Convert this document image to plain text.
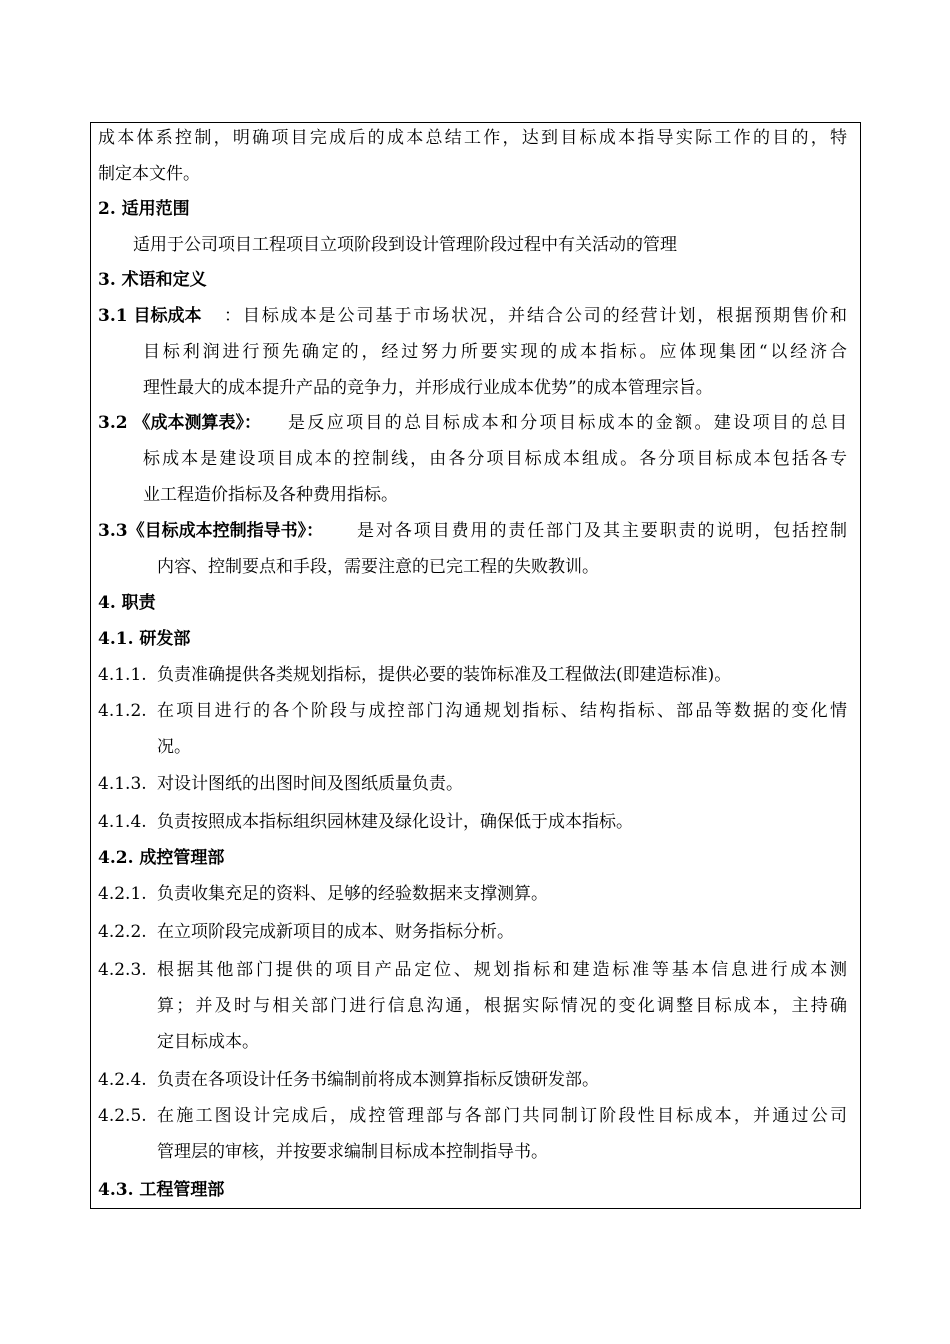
成本体系控制，明确项目完成后的成本总结工作，达到目标成本指导实际工作的目的，特
制定本文件。
2. 适用范围
适用于公司项目工程项目立项阶段到设计管理阶段过程中有关活动的管理
3. 术语和定义
3.1 目标成本 ：目标成本是公司基于市场状况，并结合公司的经营计划，根据预期售价和
目标利润进行预先确定的，经过努力所要实现的成本指标。应体现集团“以经济合
理性最大的成本提升产品的竞争力，并形成行业成本优势”的成本管理宗旨。
3.2 《成本测算表》： 是反应项目的总目标成本和分项目标成本的金额。建设项目的总目
标成本是建设项目成本的控制线，由各分项目标成本组成。各分项目标成本包括各专
业工程造价指标及各种费用指标。
3.3《目标成本控制指导书》： 是对各项目费用的责任部门及其主要职责的说明，包括控制
内容、控制要点和手段，需要注意的已完工程的失败教训。
4. 职责
4.1. 研发部
4.1.1. 负责准确提供各类规划指标，提供必要的装饰标准及工程做法(即建造标准)。
4.1.2. 在项目进行的各个阶段与成控部门沟通规划指标、结构指标、部品等数据的变化情
况。
4.1.3. 对设计图纸的出图时间及图纸质量负责。
4.1.4. 负责按照成本指标组织园林建及绿化设计，确保低于成本指标。
4.2. 成控管理部
4.2.1. 负责收集充足的资料、足够的经验数据来支撑测算。
4.2.2. 在立项阶段完成新项目的成本、财务指标分析。
4.2.3. 根据其他部门提供的项目产品定位、规划指标和建造标准等基本信息进行成本测
算；并及时与相关部门进行信息沟通，根据实际情况的变化调整目标成本，主持确
定目标成本。
4.2.4. 负责在各项设计任务书编制前将成本测算指标反馈研发部。
4.2.5. 在施工图设计完成后，成控管理部与各部门共同制订阶段性目标成本，并通过公司
管理层的审核，并按要求编制目标成本控制指导书。
4.3. 工程管理部
